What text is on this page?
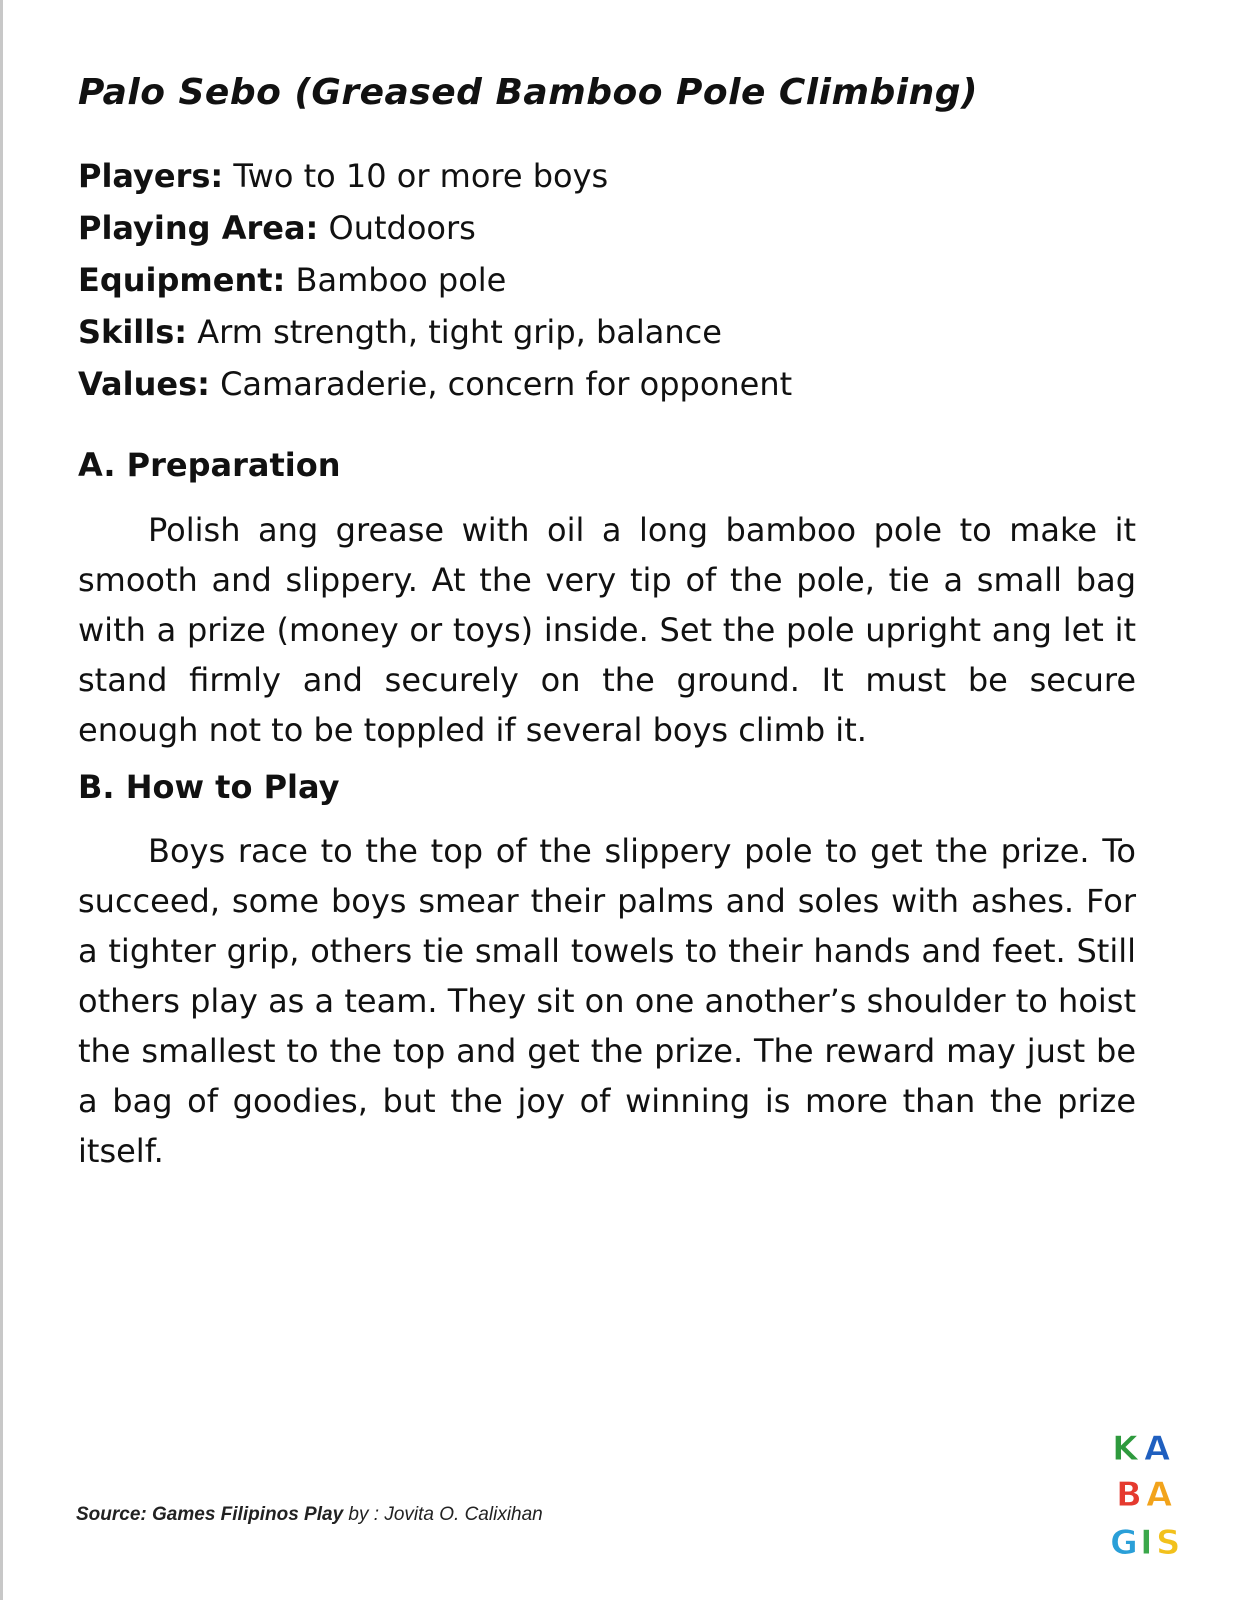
Palo Sebo (Greased Bamboo Pole Climbing)
Players: Two to 10 or more boys
Playing Area: Outdoors
Equipment: Bamboo pole
Skills: Arm strength, tight grip, balance
Values: Camaraderie, concern for opponent
A. Preparation

Polish ang grease with oil a long bamboo pole to make it smooth and slippery. At the very tip of the pole, tie a small bag with a prize (money or toys) inside. Set the pole upright ang let it stand firmly and securely on the ground. It must be secure enough not to be toppled if several boys climb it.

B. How to Play

Boys race to the top of the slippery pole to get the prize. To succeed, some boys smear their palms and soles with ashes. For a tighter grip, others tie small towels to their hands and feet. Still others play as a team. They sit on one another’s shoulder to hoist the smallest to the top and get the prize. The reward may just be a bag of goodies, but the joy of winning is more than the prize itself.

Source: Games Filipinos Play by : Jovita O. Calixihan
K A
B A
G I S
